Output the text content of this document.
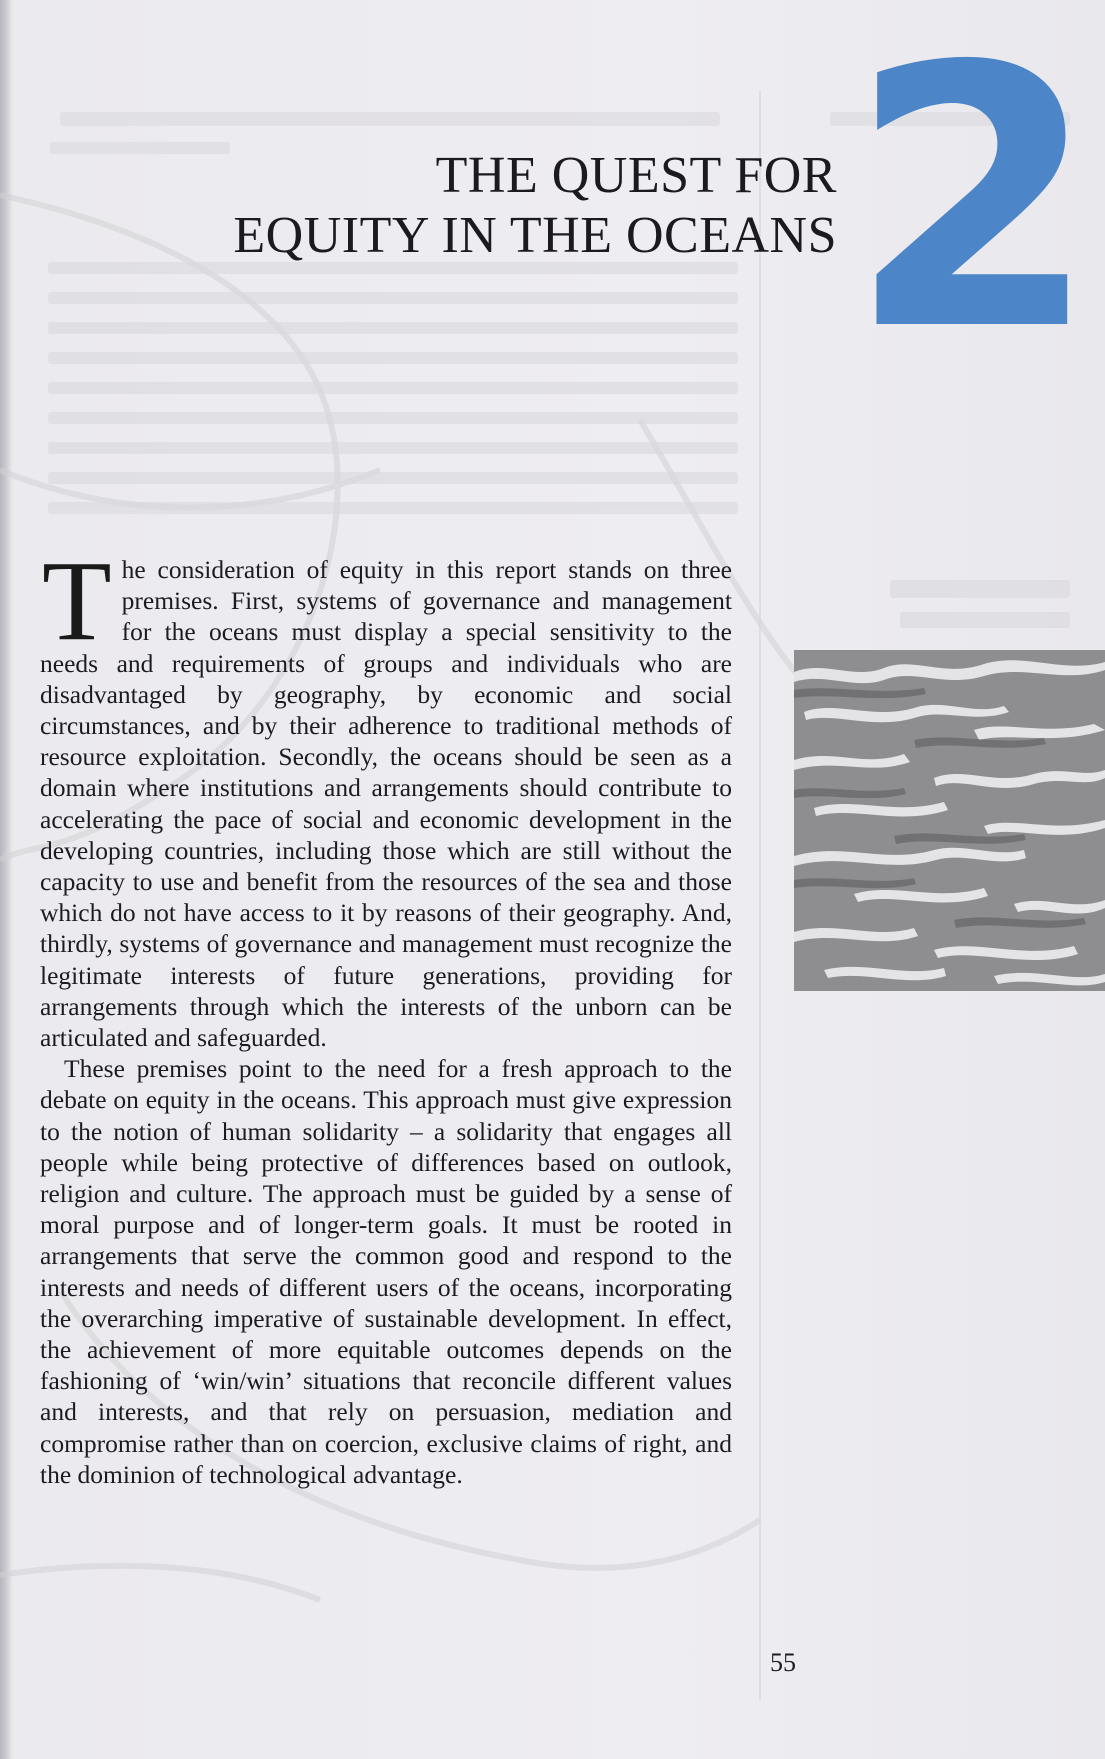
THE QUEST FOR
EQUITY IN THE OCEANS 2

The consideration of equity in this report stands on three premises. First, systems of governance and management for the oceans must display a special sensitivity to the needs and requirements of groups and individuals who are disadvantaged by geography, by economic and social circumstances, and by their adherence to traditional methods of resource exploitation. Secondly, the oceans should be seen as a domain where institutions and arrangements should contribute to accelerating the pace of social and economic development in the developing countries, including those which are still without the capacity to use and benefit from the resources of the sea and those which do not have access to it by reasons of their geography. And, thirdly, systems of governance and management must recognize the legitimate interests of future generations, providing for arrangements through which the interests of the unborn can be articulated and safeguarded.

These premises point to the need for a fresh approach to the debate on equity in the oceans. This approach must give expression to the notion of human solidarity – a solidarity that engages all people while being protective of differences based on outlook, religion and culture. The approach must be guided by a sense of moral purpose and of longer-term goals. It must be rooted in arrangements that serve the common good and respond to the interests and needs of different users of the oceans, incorporating the overarching imperative of sustainable development. In effect, the achievement of more equitable outcomes depends on the fashioning of ‘win/win’ situations that reconcile different values and interests, and that rely on persuasion, mediation and compromise rather than on coercion, exclusive claims of right, and the dominion of technological advantage.

55
